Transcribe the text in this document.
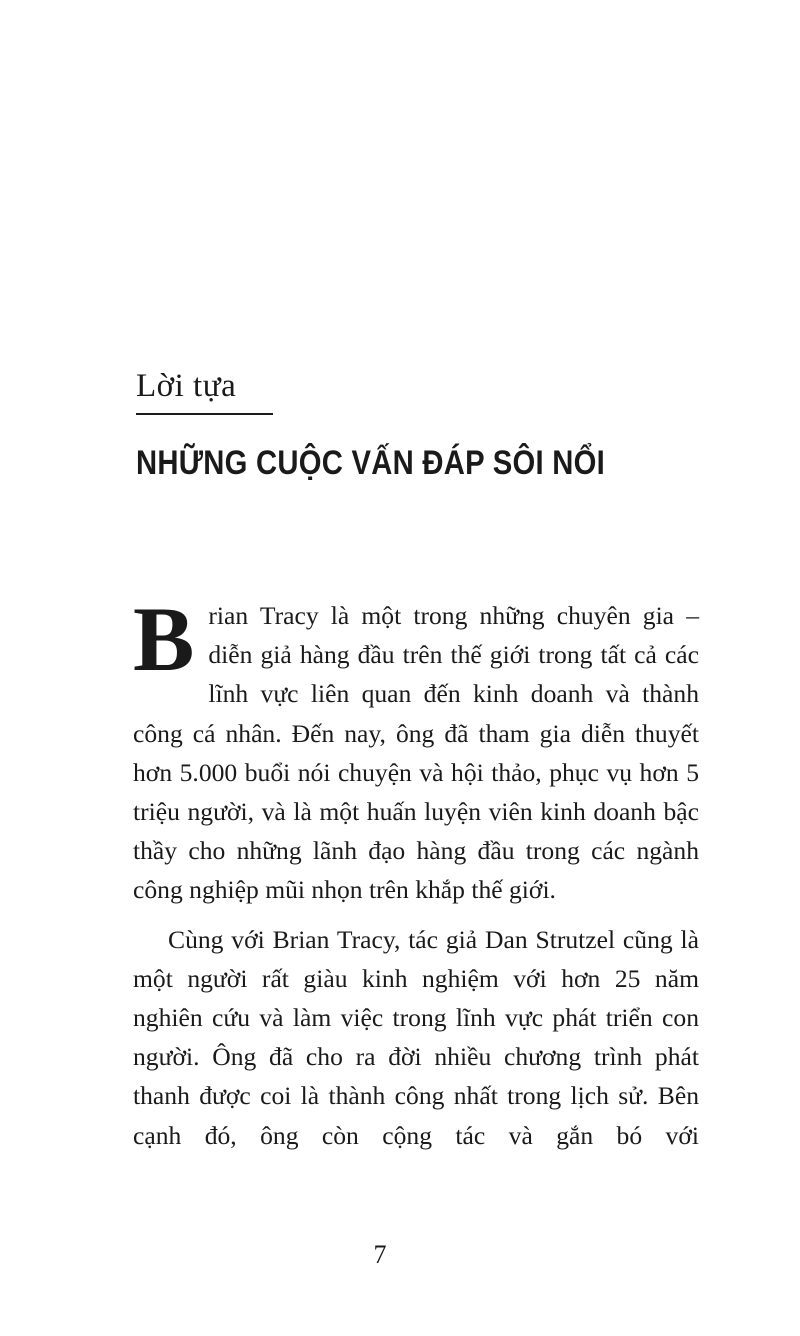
Lời tựa
NHỮNG CUỘC VẤN ĐÁP SÔI NỔI

Brian Tracy là một trong những chuyên gia – diễn giả hàng đầu trên thế giới trong tất cả các lĩnh vực liên quan đến kinh doanh và thành công cá nhân. Đến nay, ông đã tham gia diễn thuyết hơn 5.000 buổi nói chuyện và hội thảo, phục vụ hơn 5 triệu người, và là một huấn luyện viên kinh doanh bậc thầy cho những lãnh đạo hàng đầu trong các ngành công nghiệp mũi nhọn trên khắp thế giới.

Cùng với Brian Tracy, tác giả Dan Strutzel cũng là một người rất giàu kinh nghiệm với hơn 25 năm nghiên cứu và làm việc trong lĩnh vực phát triển con người. Ông đã cho ra đời nhiều chương trình phát thanh được coi là thành công nhất trong lịch sử. Bên cạnh đó, ông còn cộng tác và gắn bó với

7
